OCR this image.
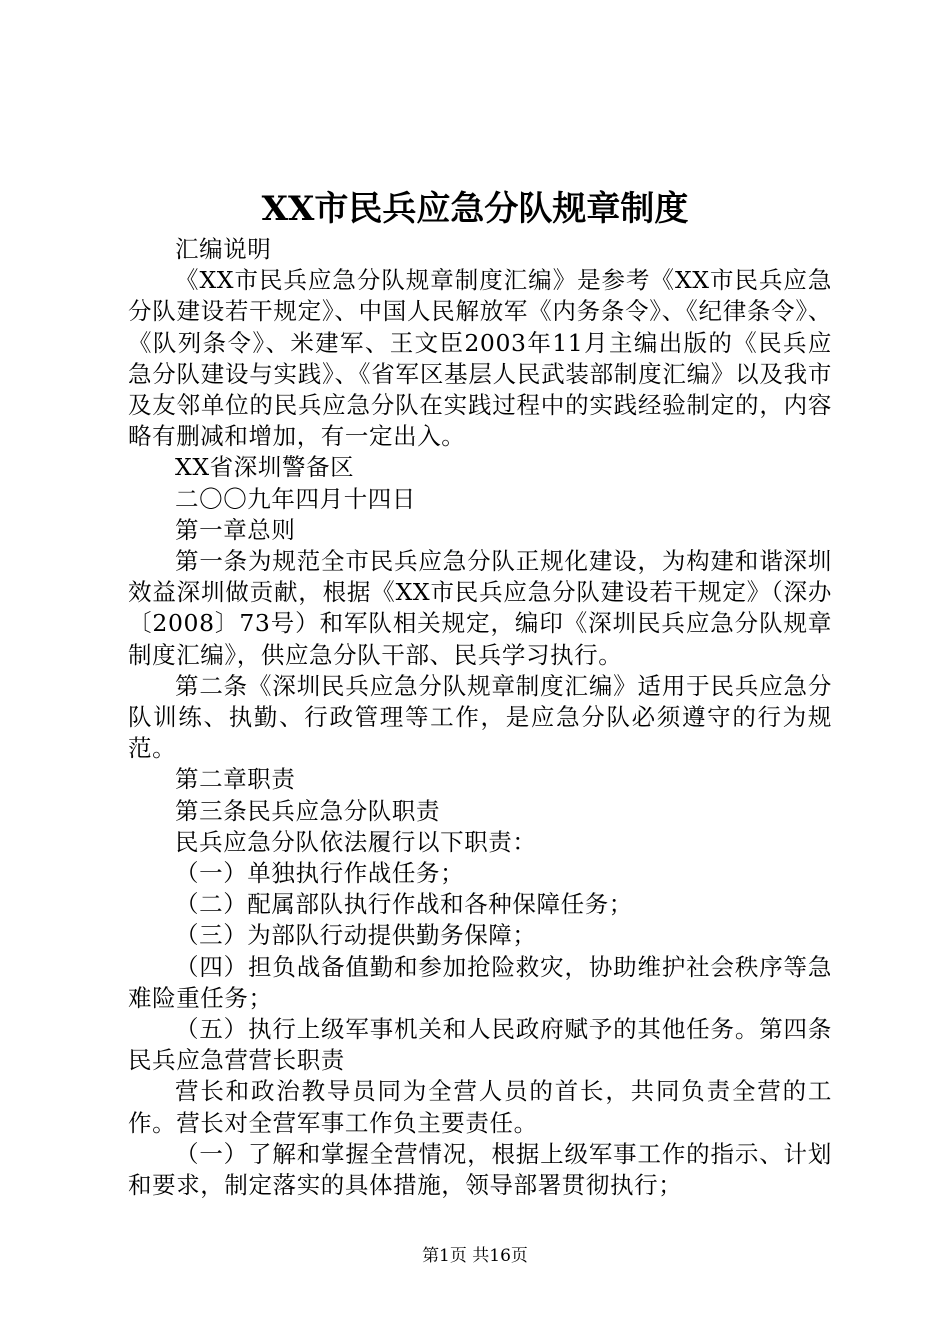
XX市民兵应急分队规章制度

汇编说明

《XX市民兵应急分队规章制度汇编》是参考《XX市民兵应急分队建设若干规定》、中国人民解放军《内务条令》、《纪律条令》、《队列条令》、米建军、王文臣2003年11月主编出版的《民兵应急分队建设与实践》、《省军区基层人民武装部制度汇编》以及我市及友邻单位的民兵应急分队在实践过程中的实践经验制定的，内容略有删减和增加，有一定出入。

XX省深圳警备区

二〇〇九年四月十四日

第一章总则

第一条为规范全市民兵应急分队正规化建设，为构建和谐深圳效益深圳做贡献，根据《XX市民兵应急分队建设若干规定》（深办〔2008〕73号）和军队相关规定，编印《深圳民兵应急分队规章制度汇编》，供应急分队干部、民兵学习执行。

第二条《深圳民兵应急分队规章制度汇编》适用于民兵应急分队训练、执勤、行政管理等工作，是应急分队必须遵守的行为规范。

第二章职责

第三条民兵应急分队职责

民兵应急分队依法履行以下职责：

（一）单独执行作战任务；

（二）配属部队执行作战和各种保障任务；

（三）为部队行动提供勤务保障；

（四）担负战备值勤和参加抢险救灾，协助维护社会秩序等急难险重任务；

（五）执行上级军事机关和人民政府赋予的其他任务。第四条民兵应急营营长职责

营长和政治教导员同为全营人员的首长，共同负责全营的工作。营长对全营军事工作负主要责任。

（一）了解和掌握全营情况，根据上级军事工作的指示、计划和要求，制定落实的具体措施，领导部署贯彻执行；

第1页 共16页
